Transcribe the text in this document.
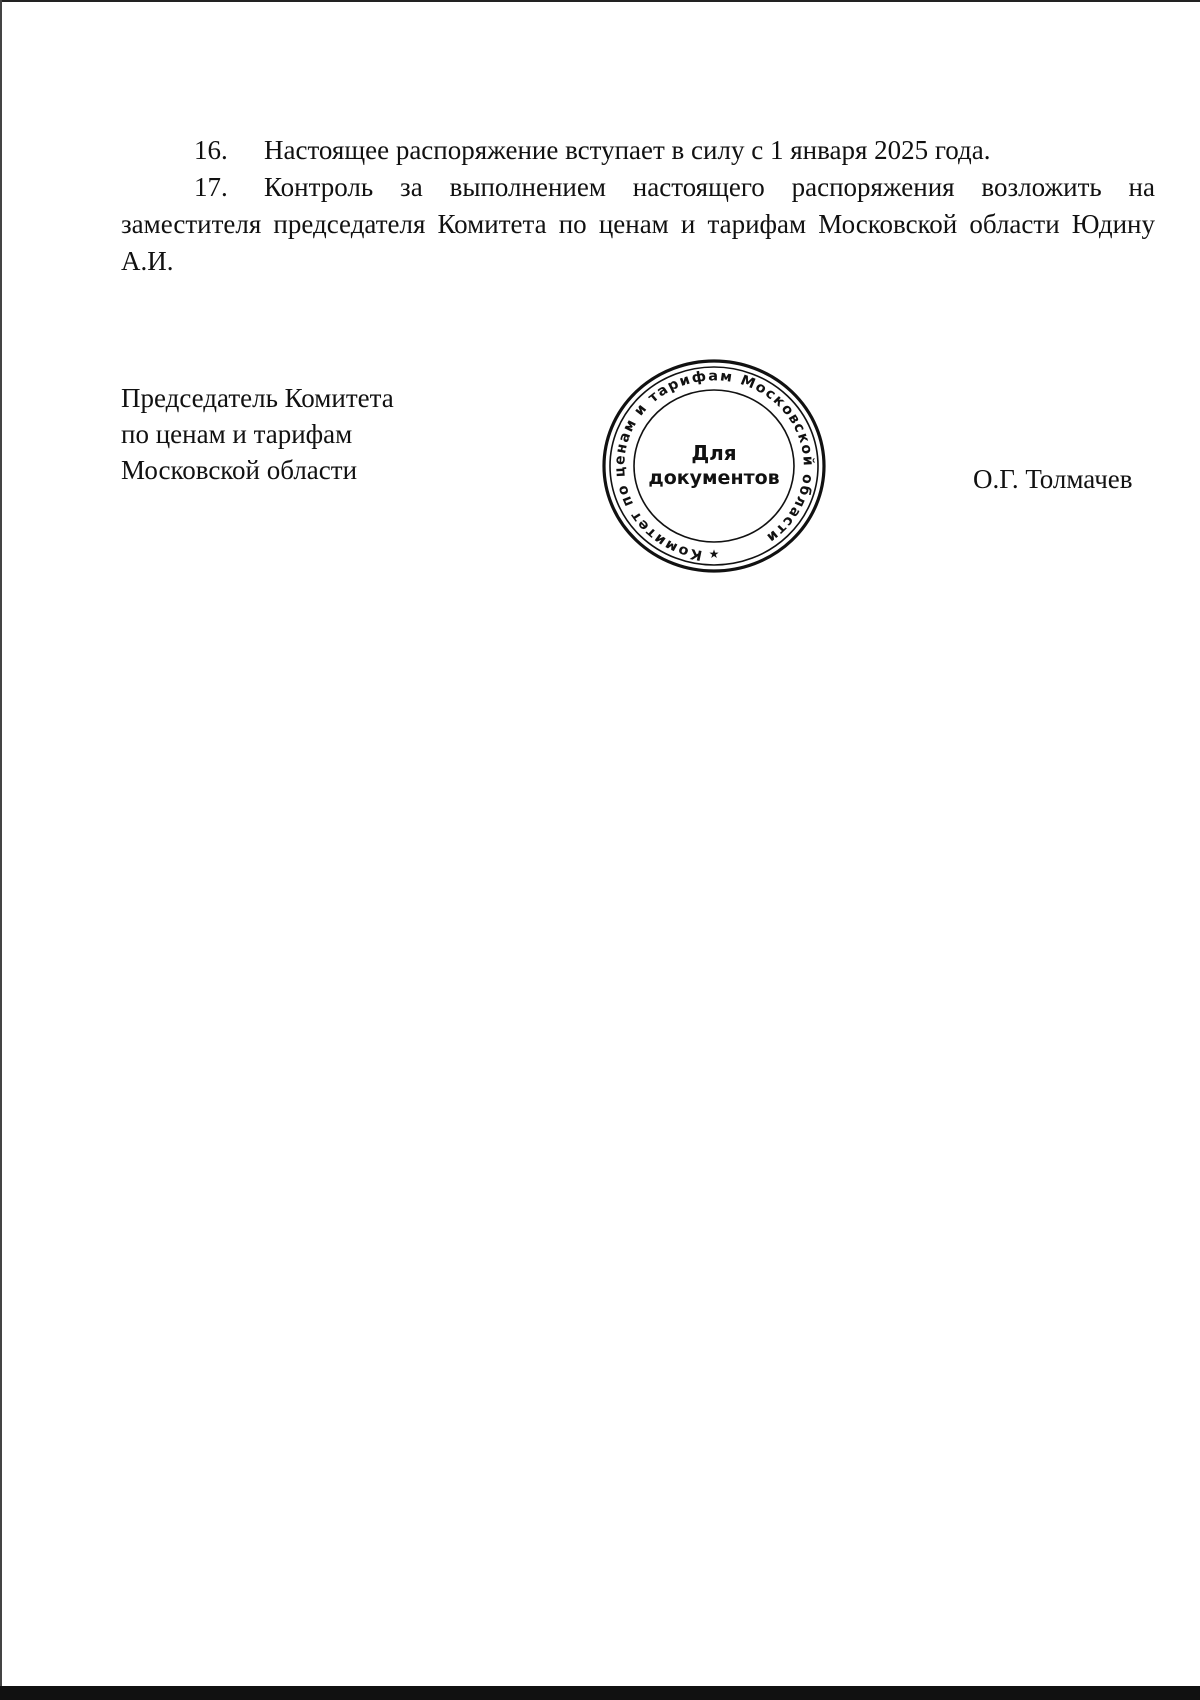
16. Настоящее распоряжение вступает в силу с 1 января 2025 года.

17. Контроль за выполнением настоящего распоряжения возложить на заместителя председателя Комитета по ценам и тарифам Московской области Юдину А.И.

Председатель Комитета
по ценам и тарифам
Московской области
Комитет по ценам и тарифам Московской области
Для
документов
★
О.Г. Толмачев
